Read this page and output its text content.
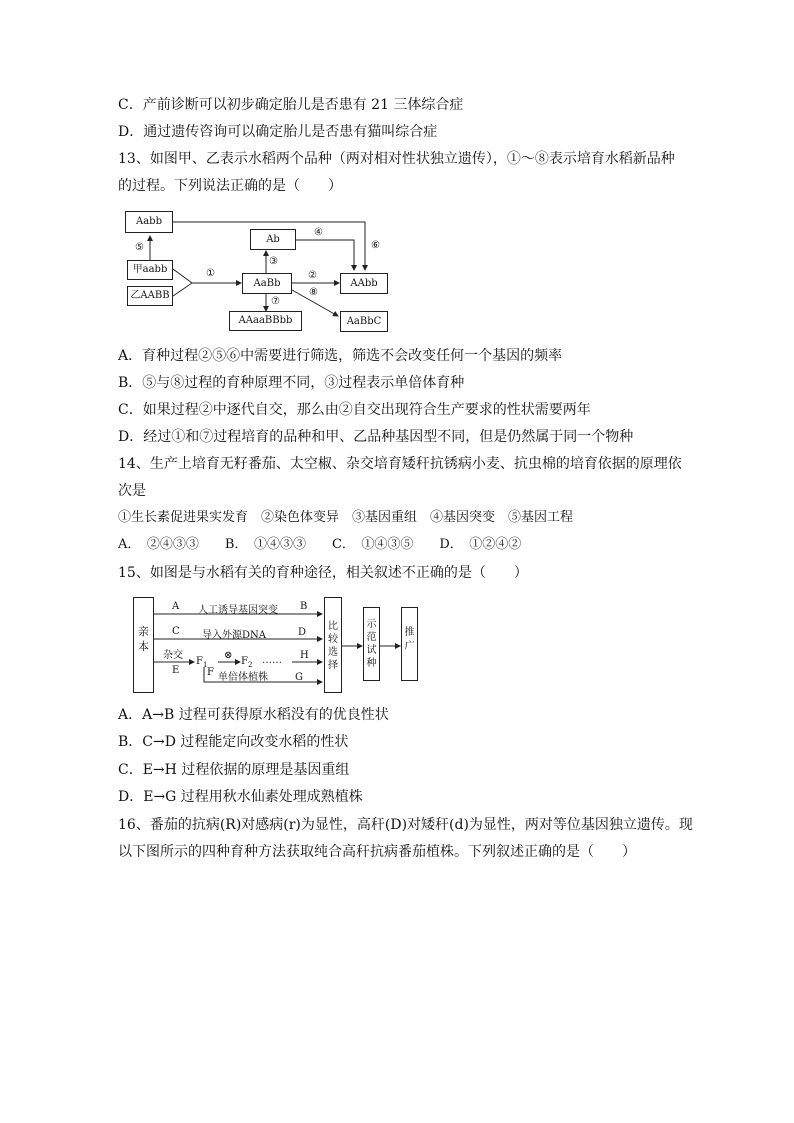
C．产前诊断可以初步确定胎儿是否患有 21 三体综合症
D．通过遗传咨询可以确定胎儿是否患有猫叫综合症
13、如图甲、乙表示水稻两个品种（两对相对性状独立遗传），①～⑧表示培育水稻新品种
的过程。下列说法正确的是（　　）
Aabb
甲aabb
乙AABB
Ab
AaBb	AAbb
AAaaBBbb	AaBbC
⑤
①
③
④
⑥
②
⑦
⑧
A．育种过程②⑤⑥中需要进行筛选，筛选不会改变任何一个基因的频率
B．⑤与⑧过程的育种原理不同，③过程表示单倍体育种
C．如果过程②中逐代自交，那么由②自交出现符合生产要求的性状需要两年
D．经过①和⑦过程培育的品种和甲、乙品种基因型不同，但是仍然属于同一个物种
14、生产上培育无籽番茄、太空椒、杂交培育矮秆抗锈病小麦、抗虫棉的培育依据的原理依
次是
①生长素促进果实发育　②染色体变异　③基因重组　④基因突变　⑤基因工程
A．　②④③③　　B．　①④③③　　C．　①④③⑤　　D．　①②④②
15、如图是与水稻有关的育种途径，相关叙述不正确的是（　　）
亲本
比较选择
示范试种
推广
A 人工诱导基因突变 B
C 导入外源DNA	D
杂交
E
$F_1$
⊗
$F_2$ …… H
F 单倍体植株	G
A．A→B 过程可获得原水稻没有的优良性状
B．C→D 过程能定向改变水稻的性状
C．E→H 过程依据的原理是基因重组
D．E→G 过程用秋水仙素处理成熟植株
16、番茄的抗病(R)对感病(r)为显性，高秆(D)对矮秆(d)为显性，两对等位基因独立遗传。现
以下图所示的四种育种方法获取纯合高秆抗病番茄植株。下列叙述正确的是（　　）
